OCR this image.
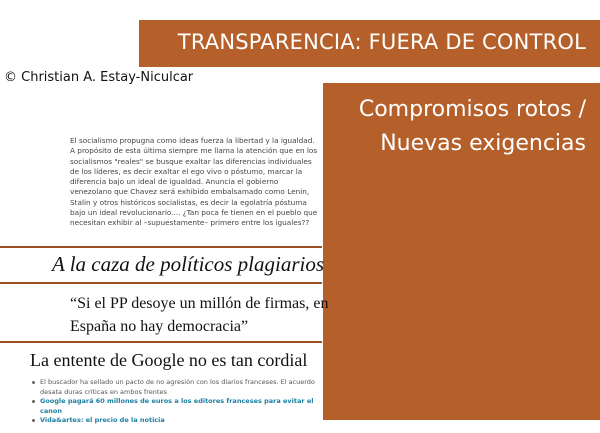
TRANSPARENCIA: FUERA DE CONTROL
© Christian A. Estay-Niculcar
Compromisos rotos /
Nuevas exigencias
El socialismo propugna como ideas fuerza la libertad y la igualdad. A propósito de esta última siempre me llama la atención que en los socialismos "reales" se busque exaltar las diferencias individuales de los líderes, es decir exaltar el ego vivo o póstumo, marcar la diferencia bajo un ideal de igualdad. Anuncia el gobierno venezolano que Chavez será exhibido embalsamado como Lenin, Stalin y otros históricos socialistas, es decir la egolatría póstuma bajo un ideal revolucionario.... ¿Tan poca fe tienen en el pueblo que necesitan exhibir al –supuestamente– primero entre los iguales??
A la caza de políticos plagiarios
“Si el PP desoye un millón de firmas, en España no hay democracia”
La entente de Google no es tan cordial
El buscador ha sellado un pacto de no agresión con los diarios franceses. El acuerdo desata duras críticas en ambos frentes
Google pagará 60 millones de euros a los editores franceses para evitar el canon
Vida&artes: el precio de la noticia
